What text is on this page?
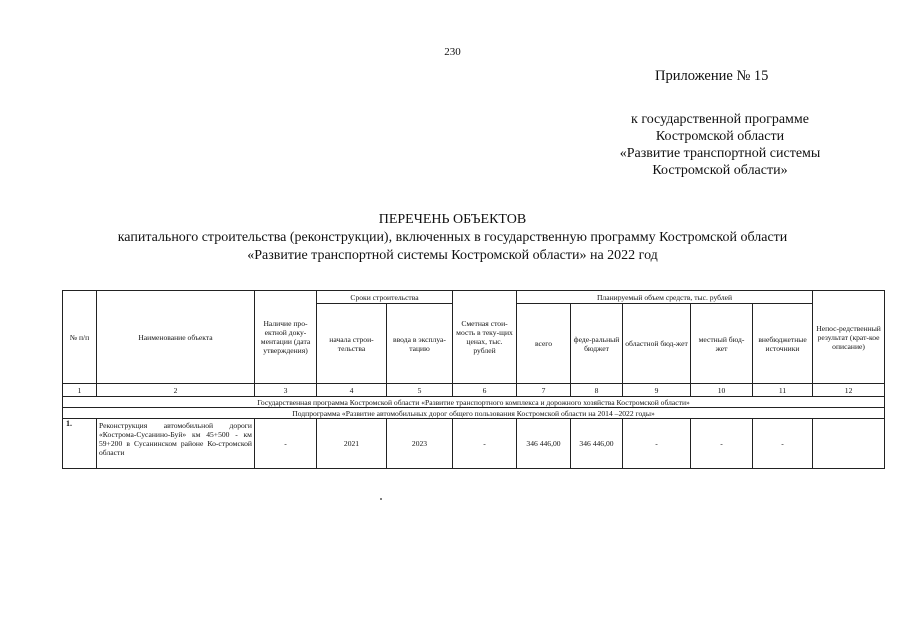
230
Приложение № 15
к государственной программе
Костромской области
«Развитие транспортной системы
Костромской области»
ПЕРЕЧЕНЬ ОБЪЕКТОВ
капитального строительства (реконструкции), включенных в государственную программу Костромской области
«Развитие транспортной системы Костромской области» на 2022 год
№ п/п	Наименование объекта	Наличие про-ектной доку-ментации (дата утверждения)	Сроки строительства		Сметная стои-мость в теку-щих ценах, тыс. рублей	Планируемый объем средств, тыс. рублей					Непос-редственный результат (крат-кое описание)
			начала строи-тельства	ввода в эксплуа-тацию		всего	феде-ральный бюджет	областной бюд-жет	местный бюд-жет	внебюджетные источники	
1	2	3	4	5	6	7	8	9	10	11	12
Государственная программа Костромской области «Развитие транспортного комплекса и дорожного хозяйства Костромской области»											
Подпрограмма «Развитие автомобильных дорог общего пользования Костромской области на 2014 –2022 годы»											
1.	Реконструкция автомобильной дороги «Кострома-Сусанино-Буй» км 45+500 - км 59+200 в Сусанинском районе Ко-стромской области	-	2021	2023	-	346 446,00	346 446,00	-	-	-	
